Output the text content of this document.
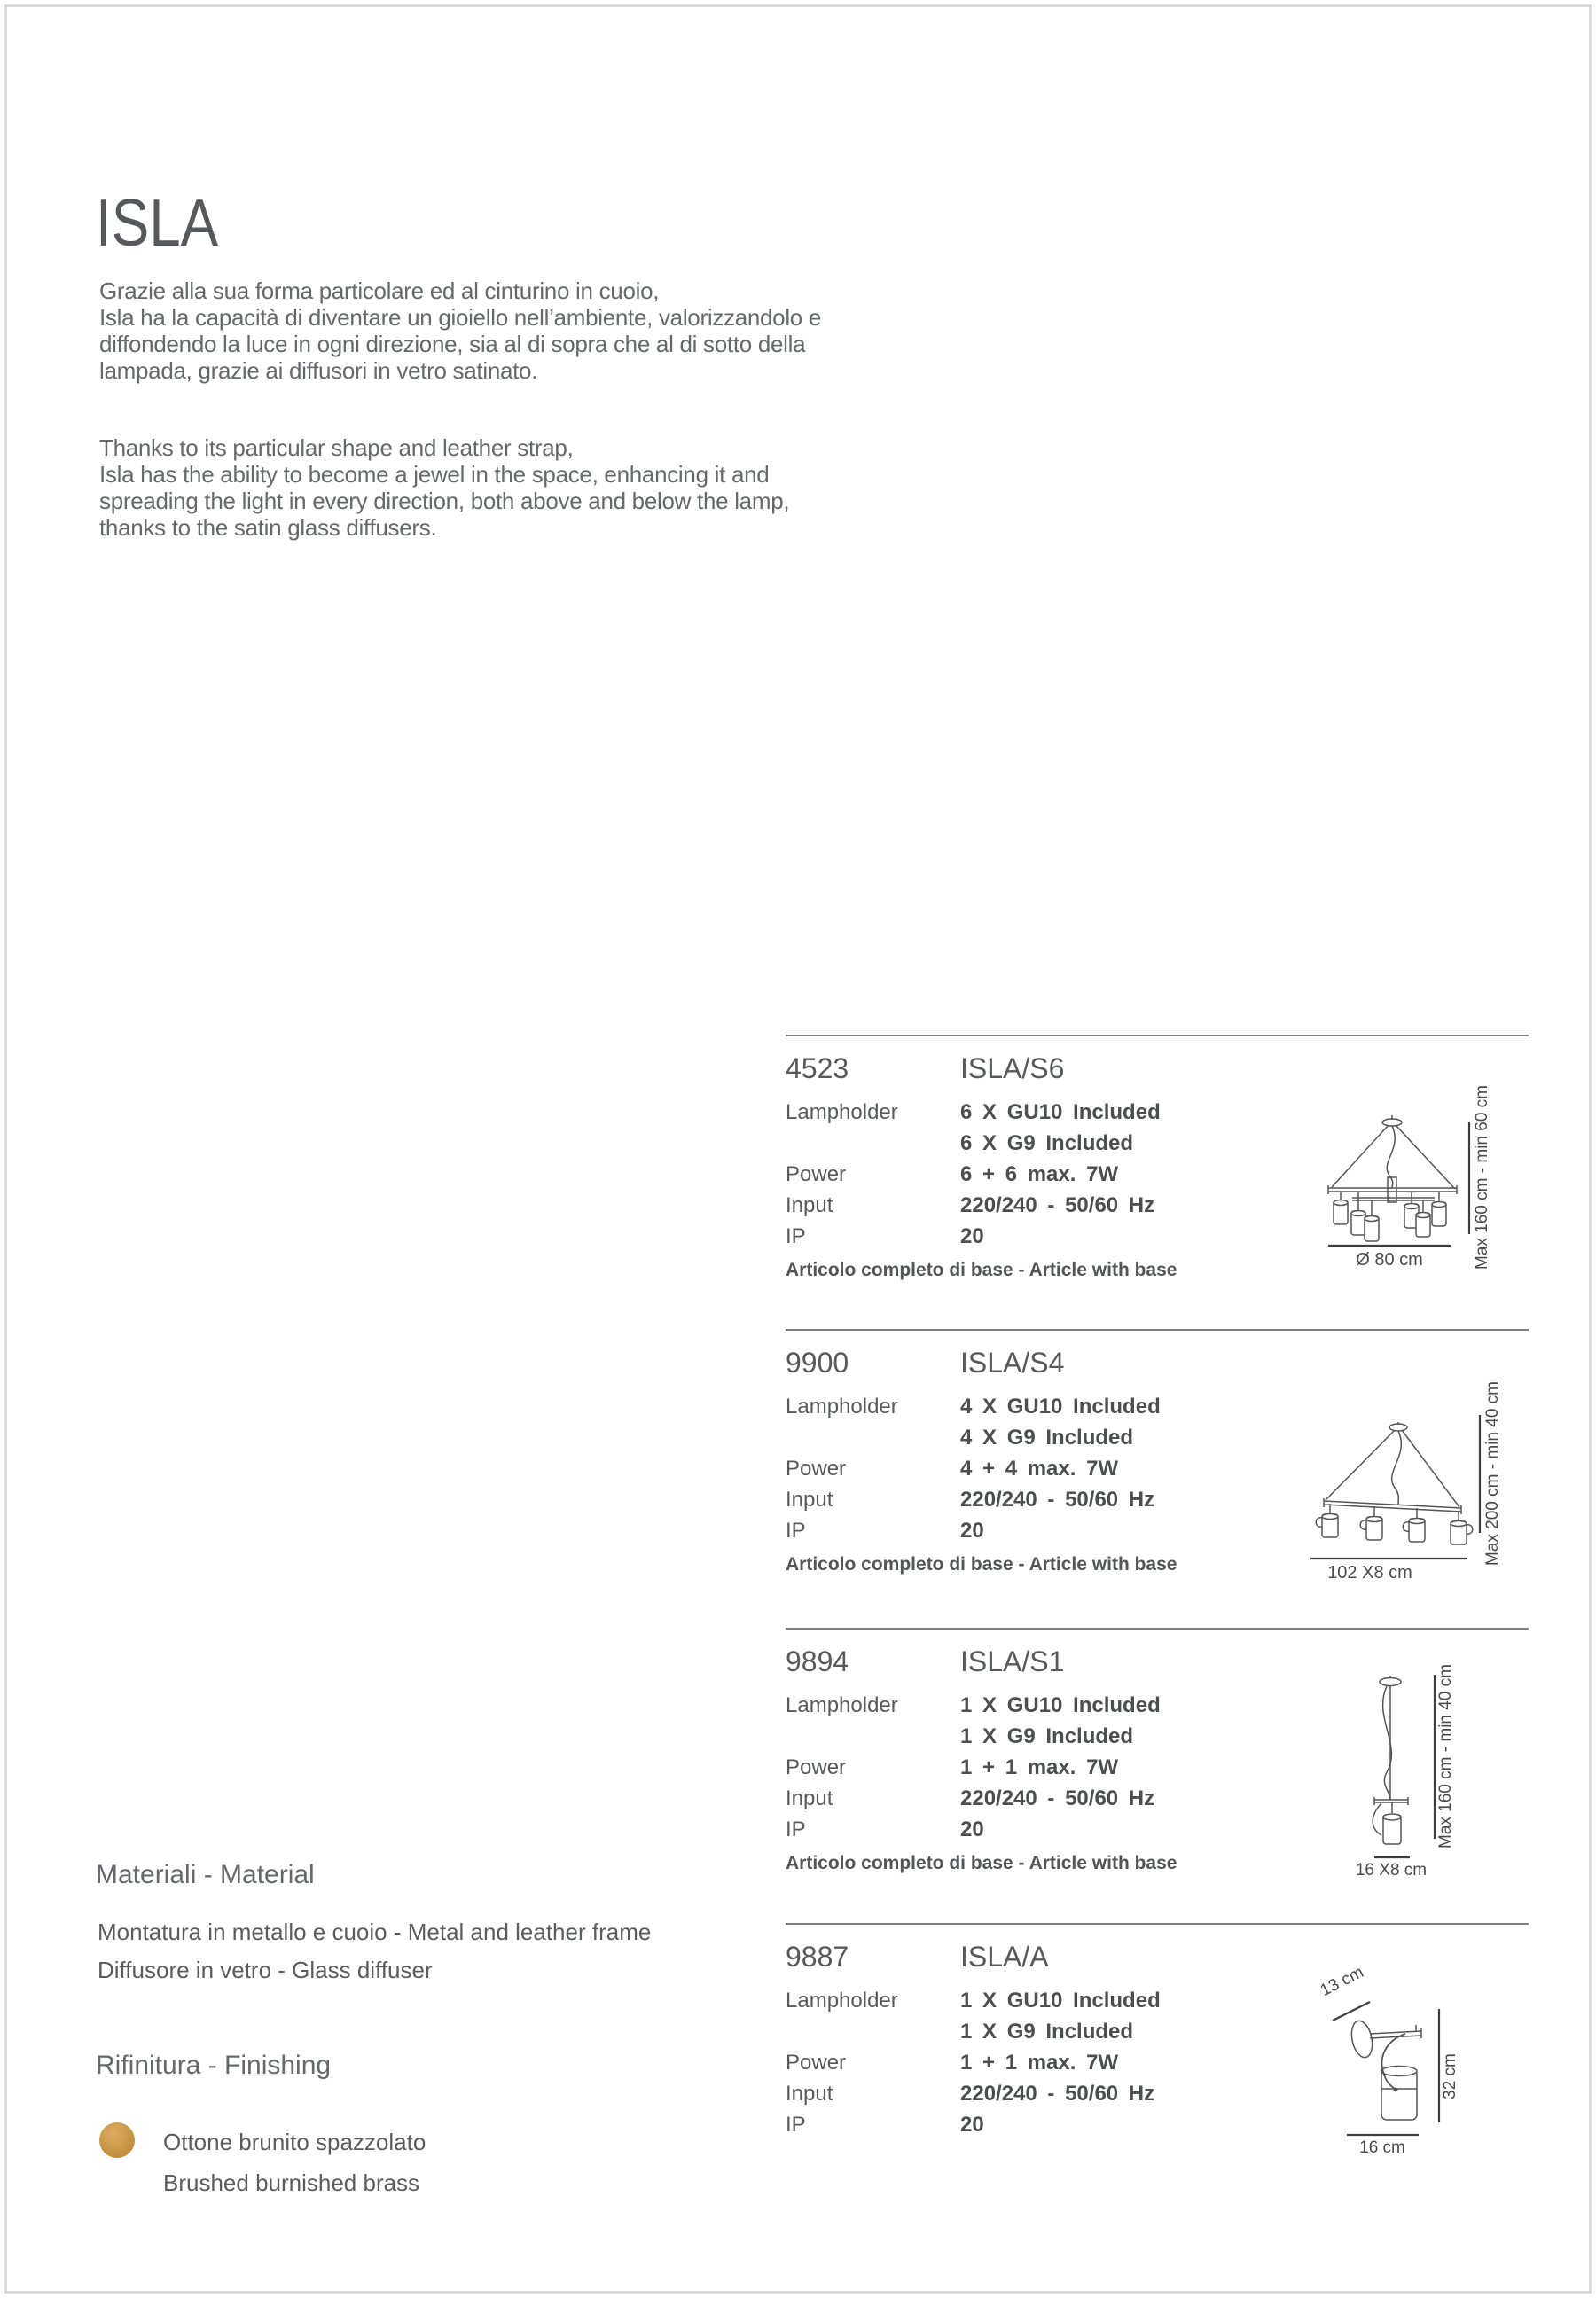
ISLA
Grazie alla sua forma particolare ed al cinturino in cuoio,
Isla ha la capacità di diventare un gioiello nell’ambiente, valorizzandolo e
diffondendo la luce in ogni direzione, sia al di sopra che al di sotto della
lampada, grazie ai diffusori in vetro satinato.
Thanks to its particular shape and leather strap,
Isla has the ability to become a jewel in the space, enhancing it and
spreading the light in every direction, both above and below the lamp,
thanks to the satin glass diffusers.
4523	ISLA/S6
Lampholder	6 X GU10 Included
6 X G9 Included
Power	6 + 6 max. 7W
Input	220/240 - 50/60 Hz
IP	20
Articolo completo di base - Article with base	Ø 80 cm	Max 160 cm - min 60 cm
9900	ISLA/S4
Lampholder	4 X GU10 Included
4 X G9 Included
Power	4 + 4 max. 7W
Input	220/240 - 50/60 Hz
IP	20
Articolo completo di base - Article with base	102 X8 cm
Max 200 cm - min 40 cm
9894	ISLA/S1
Lampholder	1 X GU10 Included
1 X G9 Included
Power	1 + 1 max. 7W
Input	220/240 - 50/60 Hz
IP	20
Articolo completo di base - Article with base	16 X8 cm
Max 160 cm - min 40 cm
9887	ISLA/A
Lampholder	1 X GU10 Included
1 X G9 Included
Power	1 + 1 max. 7W
Input	220/240 - 50/60 Hz
IP	20
13 cm
32 cm
16 cm
Materiali - Material
Montatura in metallo e cuoio - Metal and leather frame
Diffusore in vetro - Glass diffuser
Rifinitura - Finishing
Ottone brunito spazzolato
Brushed burnished brass
